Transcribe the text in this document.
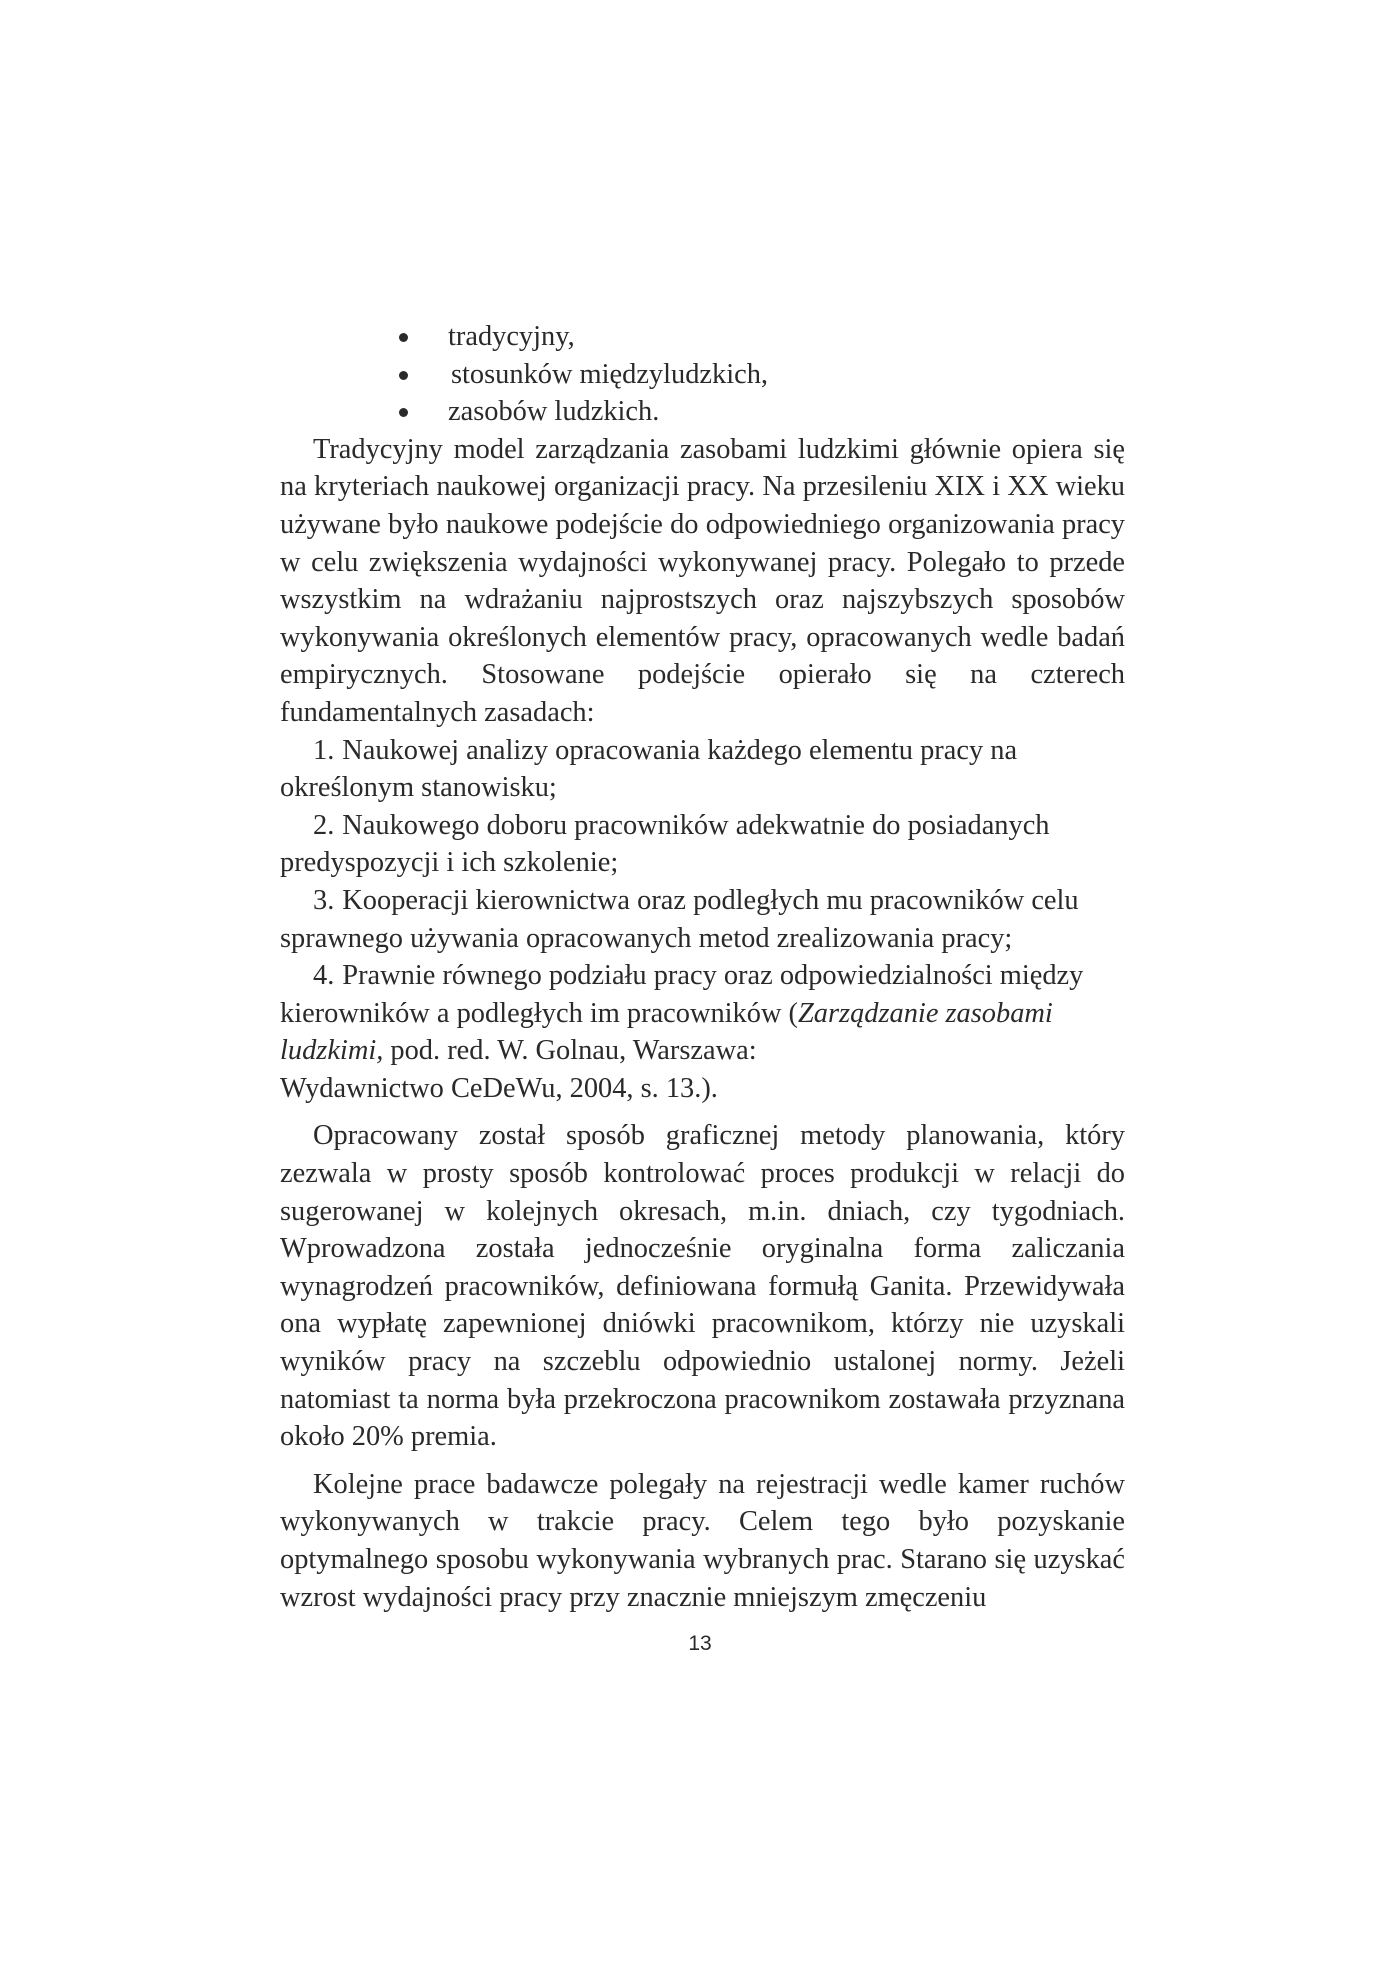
tradycyjny,
stosunków międzyludzkich,
zasobów ludzkich.

Tradycyjny model zarządzania zasobami ludzkimi głównie opiera się na kryteriach naukowej organizacji pracy. Na przesileniu XIX i XX wieku używane było naukowe podejście do odpowiedniego organizowania pracy w celu zwiększenia wydajności wykonywanej pracy. Polegało to przede wszystkim na wdrażaniu najprostszych oraz najszybszych sposobów wykonywania określonych elementów pracy, opracowanych wedle badań empirycznych. Stosowane podejście opierało się na czterech fundamentalnych zasadach:

1. Naukowej analizy opracowania każdego elementu pracy na określonym stanowisku;
2. Naukowego doboru pracowników adekwatnie do posiadanych predyspozycji i ich szkolenie;
3. Kooperacji kierownictwa oraz podległych mu pracowników celu sprawnego używania opracowanych metod zrealizowania pracy;
4. Prawnie równego podziału pracy oraz odpowiedzialności między kierowników a podległych im pracowników (Zarządzanie zasobami ludzkimi, pod. red. W. Golnau, Warszawa:
Wydawnictwo CeDeWu, 2004, s. 13.).

Opracowany został sposób graficznej metody planowania, który zezwala w prosty sposób kontrolować proces produkcji w relacji do sugerowanej w kolejnych okresach, m.in. dniach, czy tygodniach. Wprowadzona została jednocześnie oryginalna forma zaliczania wynagrodzeń pracowników, definiowana formułą Ganita. Przewidywała ona wypłatę zapewnionej dniówki pracownikom, którzy nie uzyskali wyników pracy na szczeblu odpowiednio ustalonej normy. Jeżeli natomiast ta norma była przekroczona pracownikom zostawała przyznana około 20% premia.

Kolejne prace badawcze polegały na rejestracji wedle kamer ruchów wykonywanych w trakcie pracy. Celem tego było pozyskanie optymalnego sposobu wykonywania wybranych prac. Starano się uzyskać wzrost wydajności pracy przy znacznie mniejszym zmęczeniu

13
